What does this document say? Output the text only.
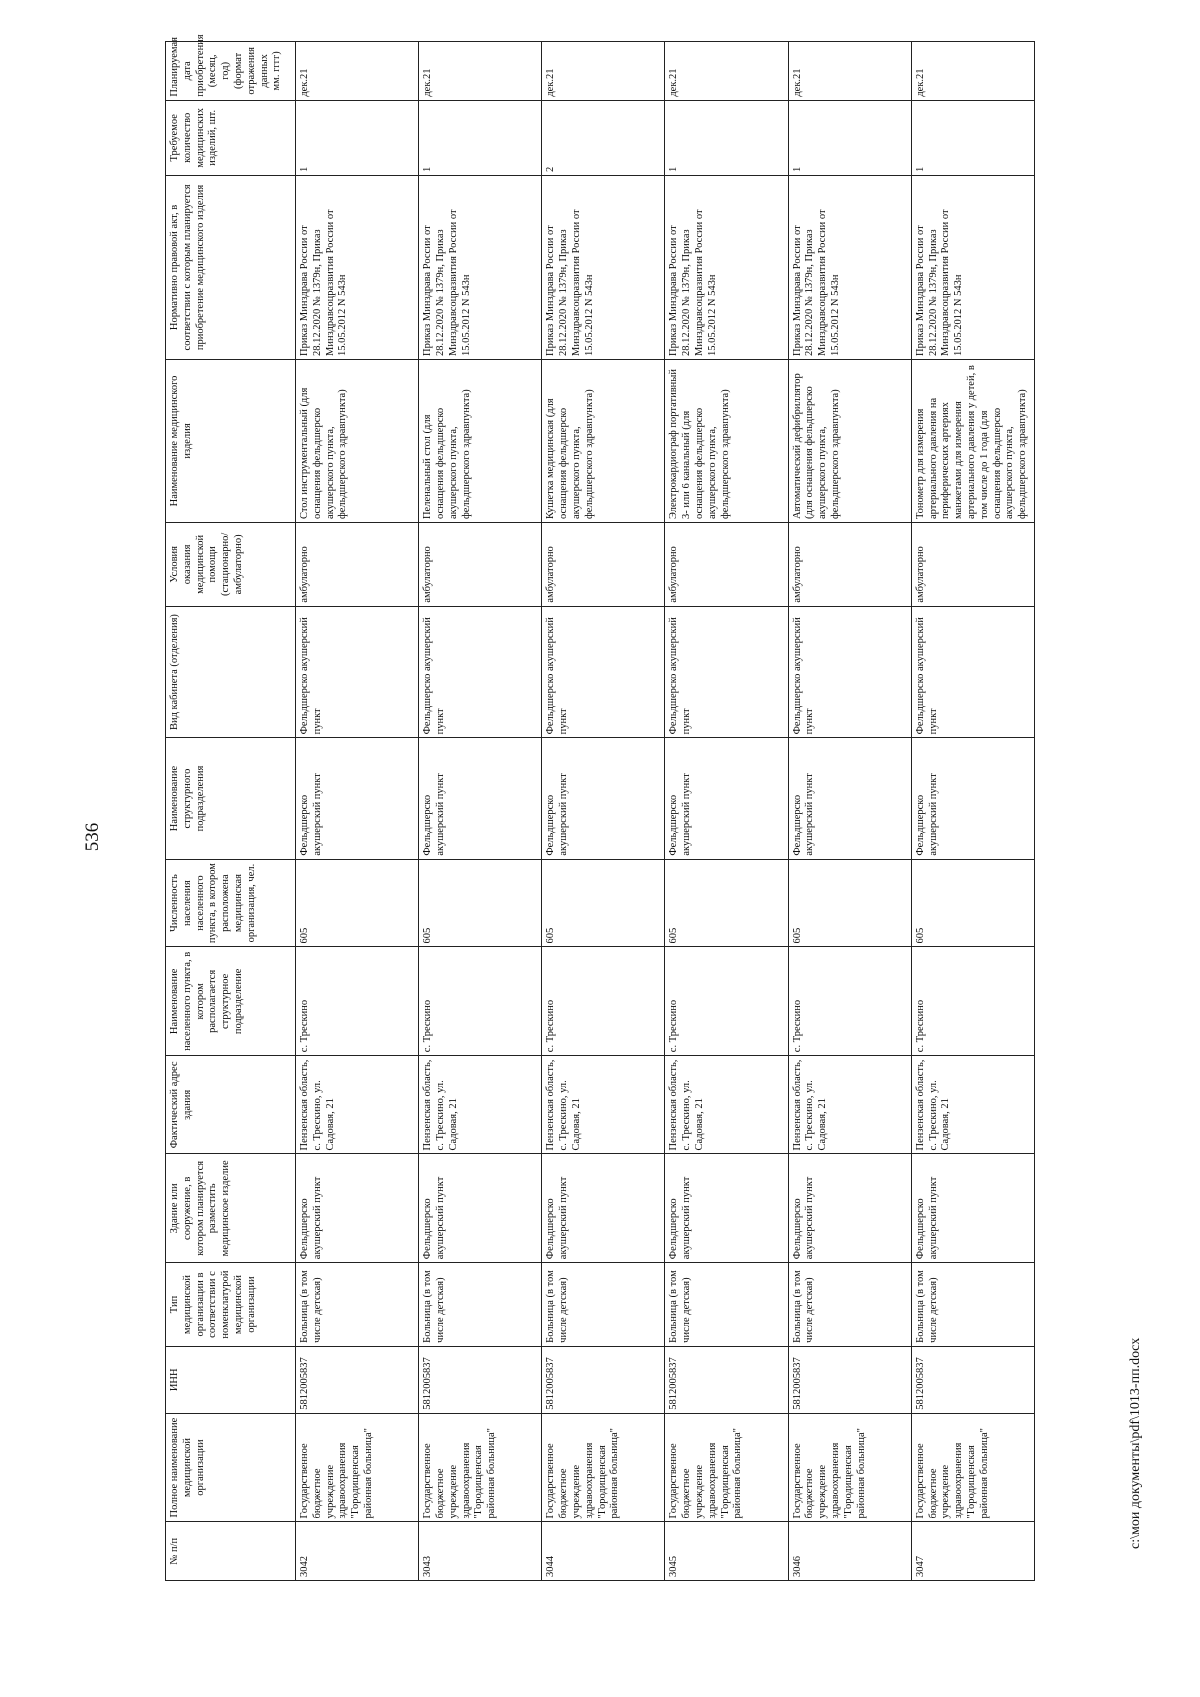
536
№ п/п	Полное наименование медицинской организации	ИНН	Тип медицинской организации в соответствии с номенклатурой медицинской организации	Здание или сооружение, в котором планируется разместить медицинское изделие	Фактический адрес здания	Наименование населенного пункта, в котором располагается структурное подразделение	Численность населения населенного пункта, в котором расположена медицинская организация, чел.	Наименование структурного подразделения	Вид кабинета (отделения)	Условия оказания медицинской помощи (стационарно/ амбулаторно)	Наименование медицинского изделия	Нормативно правовой акт, в соответствии с которым планируется приобретение медицинского изделия	Требуемое количество медицинских изделий, шт.	Планируемая дата приобретения (месяц, год) (формат отражения данных мм. гггг)
3042	Государственное бюджетное учреждение здравоохранения "Городищенская районная больница"	5812005837	Больница (в том числе детская)	Фельдшерско акушерский пункт	Пензенская область, с. Трескино, ул. Садовая, 21	с. Трескино	605	Фельдшерско акушерский пункт	Фельдшерско акушерский пункт	амбулаторно	Стол инструментальный (для оснащения фельдшерско акушерского пункта, фельдшерского здравпункта)	Приказ Минздрава России от 28.12.2020 № 1379н, Приказ Минздравсоцразвития России от 15.05.2012 N 543н	1	дек.21
3043	Государственное бюджетное учреждение здравоохранения "Городищенская районная больница"	5812005837	Больница (в том числе детская)	Фельдшерско акушерский пункт	Пензенская область, с. Трескино, ул. Садовая, 21	с. Трескино	605	Фельдшерско акушерский пункт	Фельдшерско акушерский пункт	амбулаторно	Пеленальный стол (для оснащения фельдшерско акушерского пункта, фельдшерского здравпункта)	Приказ Минздрава России от 28.12.2020 № 1379н, Приказ Минздравсоцразвития России от 15.05.2012 N 543н	1	дек.21
3044	Государственное бюджетное учреждение здравоохранения "Городищенская районная больница"	5812005837	Больница (в том числе детская)	Фельдшерско акушерский пункт	Пензенская область, с. Трескино, ул. Садовая, 21	с. Трескино	605	Фельдшерско акушерский пункт	Фельдшерско акушерский пункт	амбулаторно	Кушетка медицинская (для оснащения фельдшерско акушерского пункта, фельдшерского здравпункта)	Приказ Минздрава России от 28.12.2020 № 1379н, Приказ Минздравсоцразвития России от 15.05.2012 N 543н	2	дек.21
3045	Государственное бюджетное учреждение здравоохранения "Городищенская районная больница"	5812005837	Больница (в том числе детская)	Фельдшерско акушерский пункт	Пензенская область, с. Трескино, ул. Садовая, 21	с. Трескино	605	Фельдшерско акушерский пункт	Фельдшерско акушерский пункт	амбулаторно	Электрокардиограф портативный 3- или 6 канальный (для оснащения фельдшерско акушерского пункта, фельдшерского здравпункта)	Приказ Минздрава России от 28.12.2020 № 1379н, Приказ Минздравсоцразвития России от 15.05.2012 N 543н	1	дек.21
3046	Государственное бюджетное учреждение здравоохранения "Городищенская районная больница"	5812005837	Больница (в том числе детская)	Фельдшерско акушерский пункт	Пензенская область, с. Трескино, ул. Садовая, 21	с. Трескино	605	Фельдшерско акушерский пункт	Фельдшерско акушерский пункт	амбулаторно	Автоматический дефибриллятор (для оснащения фельдшерско акушерского пункта, фельдшерского здравпункта)	Приказ Минздрава России от 28.12.2020 № 1379н, Приказ Минздравсоцразвития России от 15.05.2012 N 543н	1	дек.21
3047	Государственное бюджетное учреждение здравоохранения "Городищенская районная больница"	5812005837	Больница (в том числе детская)	Фельдшерско акушерский пункт	Пензенская область, с. Трескино, ул. Садовая, 21	с. Трескино	605	Фельдшерско акушерский пункт	Фельдшерско акушерский пункт	амбулаторно	Тонометр для измерения артериального давления на периферических артериях манжетами для измерения артериального давления у детей, в том числе до 1 года (для оснащения фельдшерско акушерского пункта, фельдшерского здравпункта)	Приказ Минздрава России от 28.12.2020 № 1379н, Приказ Минздравсоцразвития России от 15.05.2012 N 543н	1	дек.21
c:\мои документы\pdf\1013-пп.docx
